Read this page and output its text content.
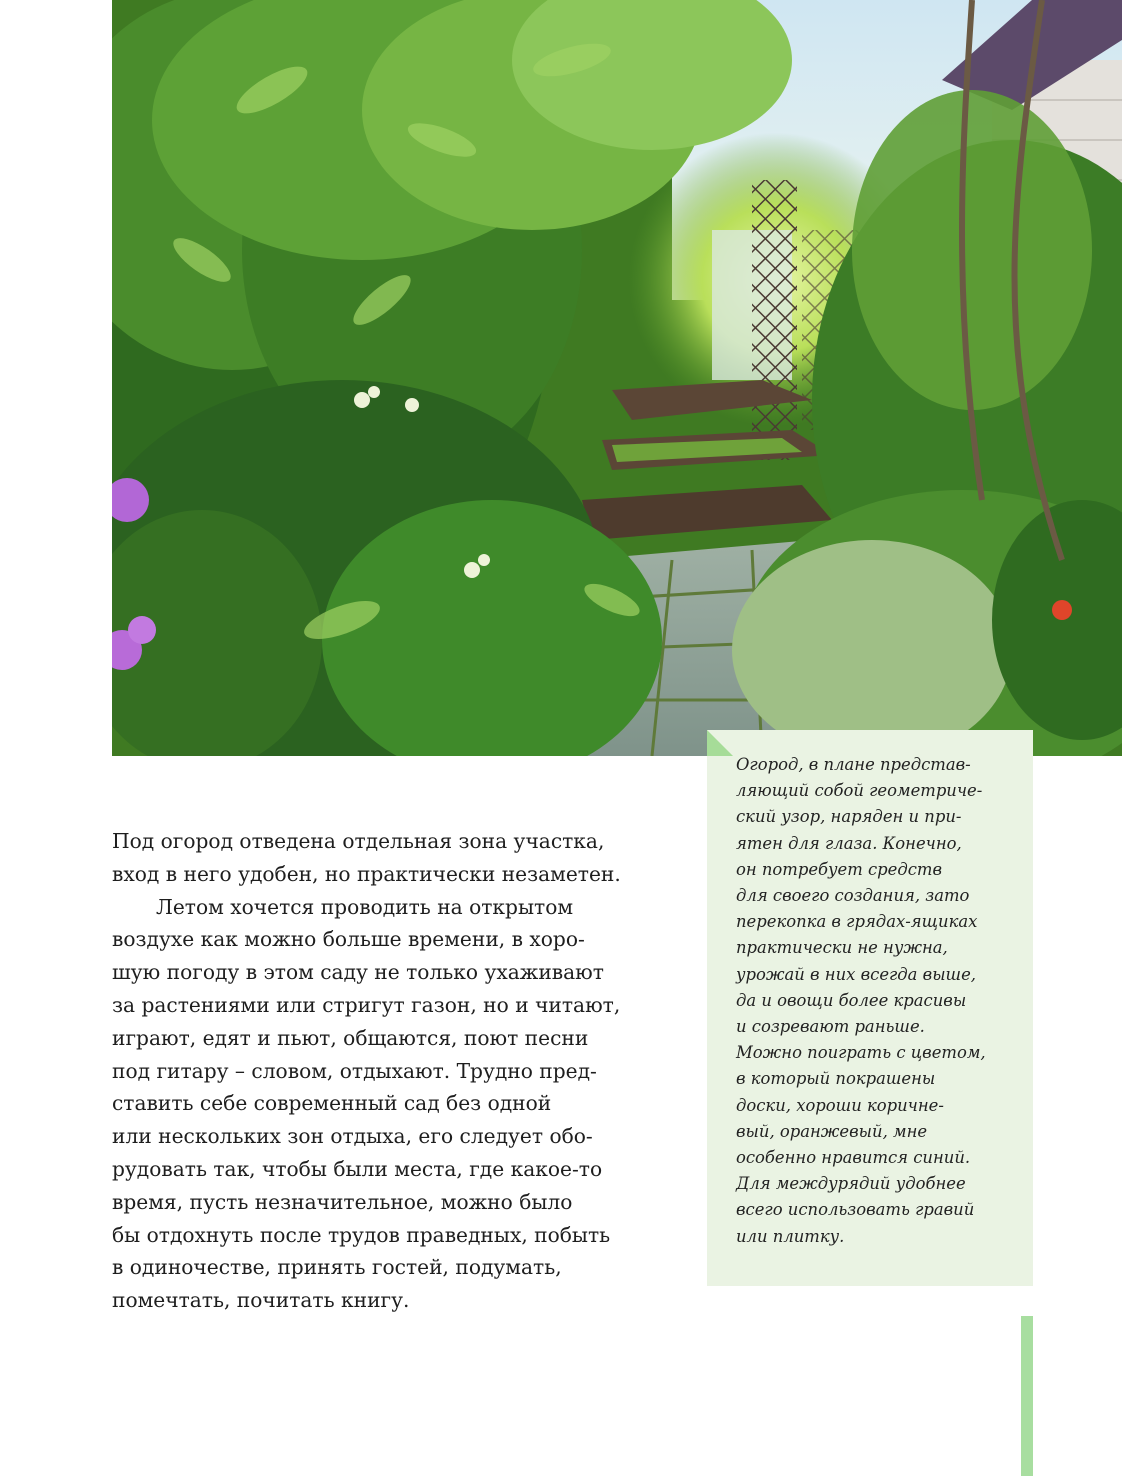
Огород, в плане представ-
ляющий собой геометриче-
ский узор, наряден и при-
ятен для глаза. Конечно,
он потребует средств
для своего создания, зато
перекопка в грядах-ящиках
практически не нужна,
урожай в них всегда выше,
да и овощи более красивы
и созревают раньше.
Можно поиграть с цветом,
в который покрашены
доски, хороши коричне-
вый, оранжевый, мне
особенно нравится синий.
Для междурядий удобнее
всего использовать гравий
или плитку.

Под огород отведена отдельная зона участка,
вход в него удобен, но практически незаметен.
Летом хочется проводить на открытом
воздухе как можно больше времени, в хоро-
шую погоду в этом саду не только ухаживают
за растениями или стригут газон, но и читают,
играют, едят и пьют, общаются, поют песни
под гитару – словом, отдыхают. Трудно пред-
ставить себе современный сад без одной
или нескольких зон отдыха, его следует обо-
рудовать так, чтобы были места, где какое-то
время, пусть незначительное, можно было
бы отдохнуть после трудов праведных, побыть
в одиночестве, принять гостей, подумать,
помечтать, почитать книгу.
